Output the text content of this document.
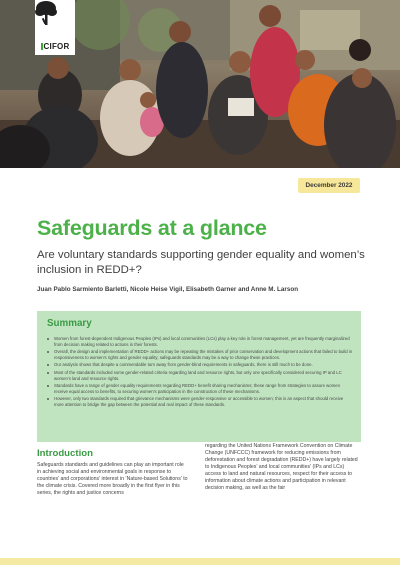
CIFOR
December 2022
Safeguards at a glance
Are voluntary standards supporting gender equality and women’s inclusion in REDD+?
Juan Pablo Sarmiento Barletti, Nicole Heise Vigil, Elisabeth Garner and Anne M. Larson
Summary
Women from forest-dependent Indigenous Peoples (IPs) and local communities (LCs) play a key role in forest management, yet are frequently marginalized from decision making related to actions in their forests.
Overall, the design and implementation of REDD+ actions may be repeating the mistakes of prior conservation and development actions that failed to build in responsiveness to women’s rights and gender equality; safeguards standards may be a way to change these practices.
Our analysis shows that despite a commendable turn away from gender-blind requirements in safeguards, there is still much to be done.
Most of the standards included some gender-related criteria regarding land and resource rights, but only one specifically considered securing IP and LC women’s land and resource rights.
Standards have a range of gender equality requirements regarding REDD+ benefit sharing mechanisms; these range from strategies to assure women receive equal access to benefits, to securing women’s participation in the construction of these mechanisms.
However, only two standards required that grievance mechanisms were gender-responsive or accessible to women; this is an aspect that should receive more attention to bridge the gap between the potential and real impact of these standards.
Introduction

Safeguards standards and guidelines can play an important role in achieving social and environmental goals in response to countries’ and corporations’ interest in ‘Nature-based Solutions’ to the climate crisis. Covered more broadly in the first flyer in this series, the rights and justice concerns

regarding the United Nations Framework Convention on Climate Change (UNFCCC) framework for reducing emissions from deforestation and forest degradation (REDD+) have largely related to Indigenous Peoples’ and local communities’ (IPs and LCs) access to land and natural resources, respect for their access to information about climate actions and participation in relevant decision making, as well as the fair
